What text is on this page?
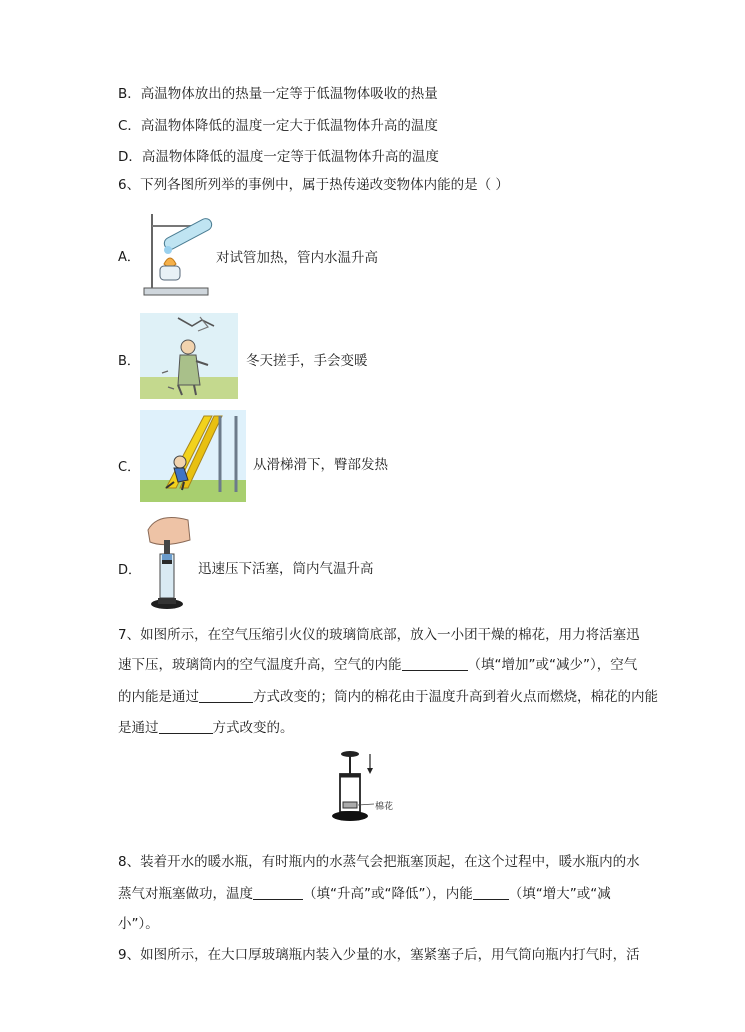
B．高温物体放出的热量一定等于低温物体吸收的热量
C．高温物体降低的温度一定大于低温物体升高的温度
D．高温物体降低的温度一定等于低温物体升高的温度
6、下列各图所列举的事例中，属于热传递改变物体内能的是（ ）
A．	对试管加热，管内水温升高
B．	冬天搓手，手会变暖
C．	从滑梯滑下，臀部发热
D．	迅速压下活塞，筒内气温升高
7、如图所示，在空气压缩引火仪的玻璃筒底部，放入一小团干燥的棉花，用力将活塞迅
速下压，玻璃筒内的空气温度升高，空气的内能	（填“增加”或“减少”），空气
的内能是通过	方式改变的；筒内的棉花由于温度升高到着火点而燃烧，棉花的内能
是通过	方式改变的。
棉花
8、装着开水的暖水瓶，有时瓶内的水蒸气会把瓶塞顶起，在这个过程中，暖水瓶内的水
蒸气对瓶塞做功，温度	（填“升高”或“降低”），内能	（填“增大”或“减
小”）。
9、如图所示，在大口厚玻璃瓶内装入少量的水，塞紧塞子后，用气筒向瓶内打气时，活
